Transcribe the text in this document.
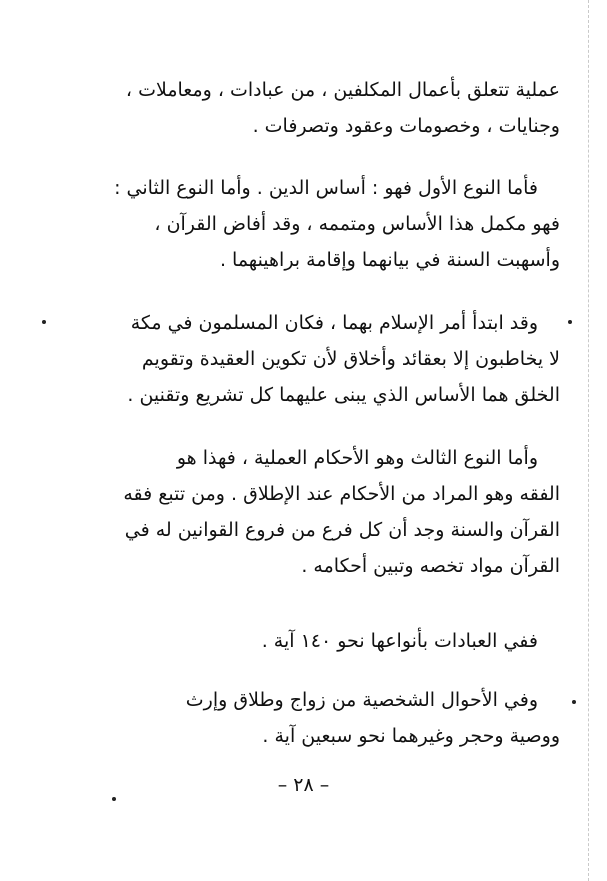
عملية تتعلق بأعمال المكلفين ، من عبادات ، ومعاملات ،
وجنايات ، وخصومات وعقود وتصرفات .
فأما النوع الأول فهو : أساس الدين . وأما النوع الثاني :
فهو مكمل هذا الأساس ومتممه ، وقد أفاض القرآن ،
وأسهبت السنة في بيانهما وإقامة براهينهما .
وقد ابتدأ أمر الإسلام بهما ، فكان المسلمون في مكة
لا يخاطبون إلا بعقائد وأخلاق لأن تكوين العقيدة وتقويم
الخلق هما الأساس الذي يبنى عليهما كل تشريع وتقنين .
وأما النوع الثالث وهو الأحكام العملية ، فهذا هو
الفقه وهو المراد من الأحكام عند الإطلاق . ومن تتبع فقه
القرآن والسنة وجد أن كل فرع من فروع القوانين له في
القرآن مواد تخصه وتبين أحكامه .
ففي العبادات بأنواعها نحو ١٤٠ آية .
وفي الأحوال الشخصية من زواج وطلاق وإرث
ووصية وحجر وغيرهما نحو سبعين آية .
– ٢٨ –
